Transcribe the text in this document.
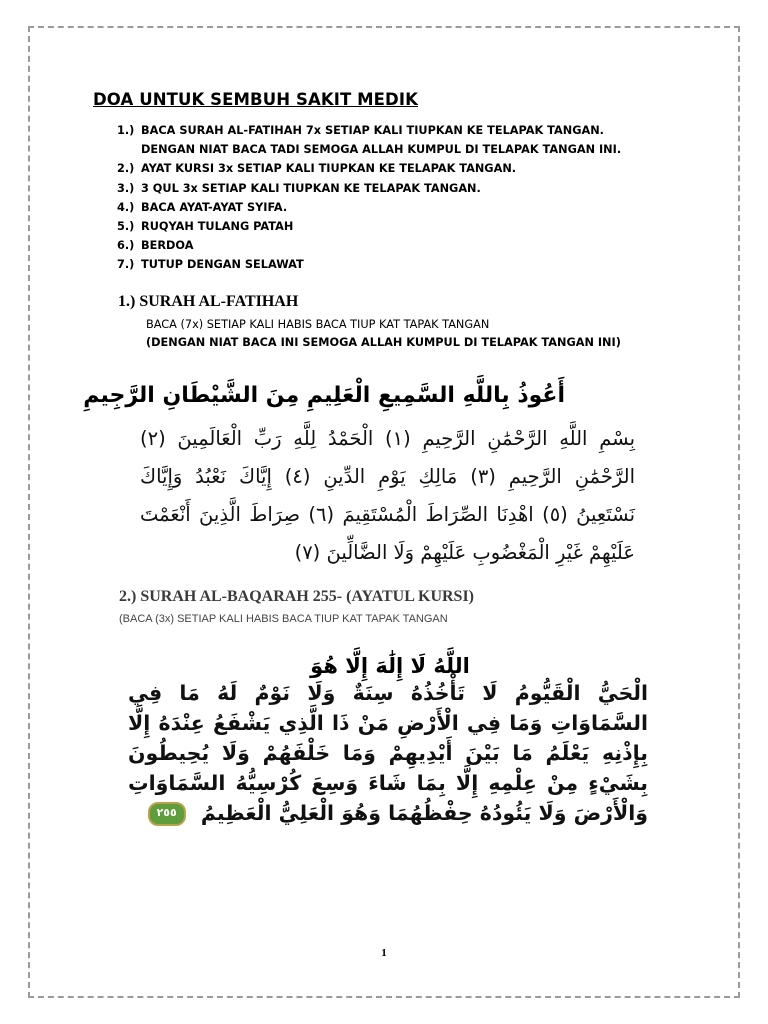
DOA UNTUK SEMBUH SAKIT MEDIK
1.) BACA SURAH AL-FATIHAH 7x SETIAP KALI TIUPKAN KE TELAPAK TANGAN.
DENGAN NIAT BACA TADI SEMOGA ALLAH KUMPUL DI TELAPAK TANGAN INI.
2.) AYAT KURSI 3x SETIAP KALI TIUPKAN KE TELAPAK TANGAN.
3.) 3 QUL 3x SETIAP KALI TIUPKAN KE TELAPAK TANGAN.
4.) BACA AYAT-AYAT SYIFA.
5.) RUQYAH TULANG PATAH
6.) BERDOA
7.) TUTUP DENGAN SELAWAT
1.) SURAH AL-FATIHAH
BACA (7x) SETIAP KALI HABIS BACA TIUP KAT TAPAK TANGAN
(DENGAN NIAT BACA INI SEMOGA ALLAH KUMPUL DI TELAPAK TANGAN INI)
أَعُوذُ بِاللَّهِ السَّمِيعِ الْعَلِيمِ مِنَ الشَّيْطَانِ الرَّجِيمِ
بِسْمِ اللَّهِ الرَّحْمَٰنِ الرَّحِيمِ (١) الْحَمْدُ لِلَّهِ رَبِّ الْعَالَمِينَ (٢) الرَّحْمَٰنِ الرَّحِيمِ (٣) مَالِكِ يَوْمِ الدِّينِ (٤) إِيَّاكَ نَعْبُدُ وَإِيَّاكَ نَسْتَعِينُ (٥) اهْدِنَا الصِّرَاطَ الْمُسْتَقِيمَ (٦) صِرَاطَ الَّذِينَ أَنْعَمْتَ عَلَيْهِمْ غَيْرِ الْمَغْضُوبِ عَلَيْهِمْ وَلَا الضَّالِّينَ (٧)
2.) SURAH AL-BAQARAH 255- (AYATUL KURSI)
(BACA (3x) SETIAP KALI HABIS BACA TIUP KAT TAPAK TANGAN
اللَّهُ لَا إِلَٰهَ إِلَّا هُوَ
الْحَيُّ الْقَيُّومُ لَا تَأْخُذُهُ سِنَةٌ وَلَا نَوْمٌ لَهُ مَا فِي السَّمَاوَاتِ وَمَا فِي الْأَرْضِ مَنْ ذَا الَّذِي يَشْفَعُ عِنْدَهُ إِلَّا بِإِذْنِهِ يَعْلَمُ مَا بَيْنَ أَيْدِيهِمْ وَمَا خَلْفَهُمْ وَلَا يُحِيطُونَ بِشَيْءٍ مِنْ عِلْمِهِ إِلَّا بِمَا شَاءَ وَسِعَ كُرْسِيُّهُ السَّمَاوَاتِ وَالْأَرْضَ وَلَا يَئُودُهُ حِفْظُهُمَا وَهُوَ الْعَلِيُّ الْعَظِيمُ
٢٥٥
1
